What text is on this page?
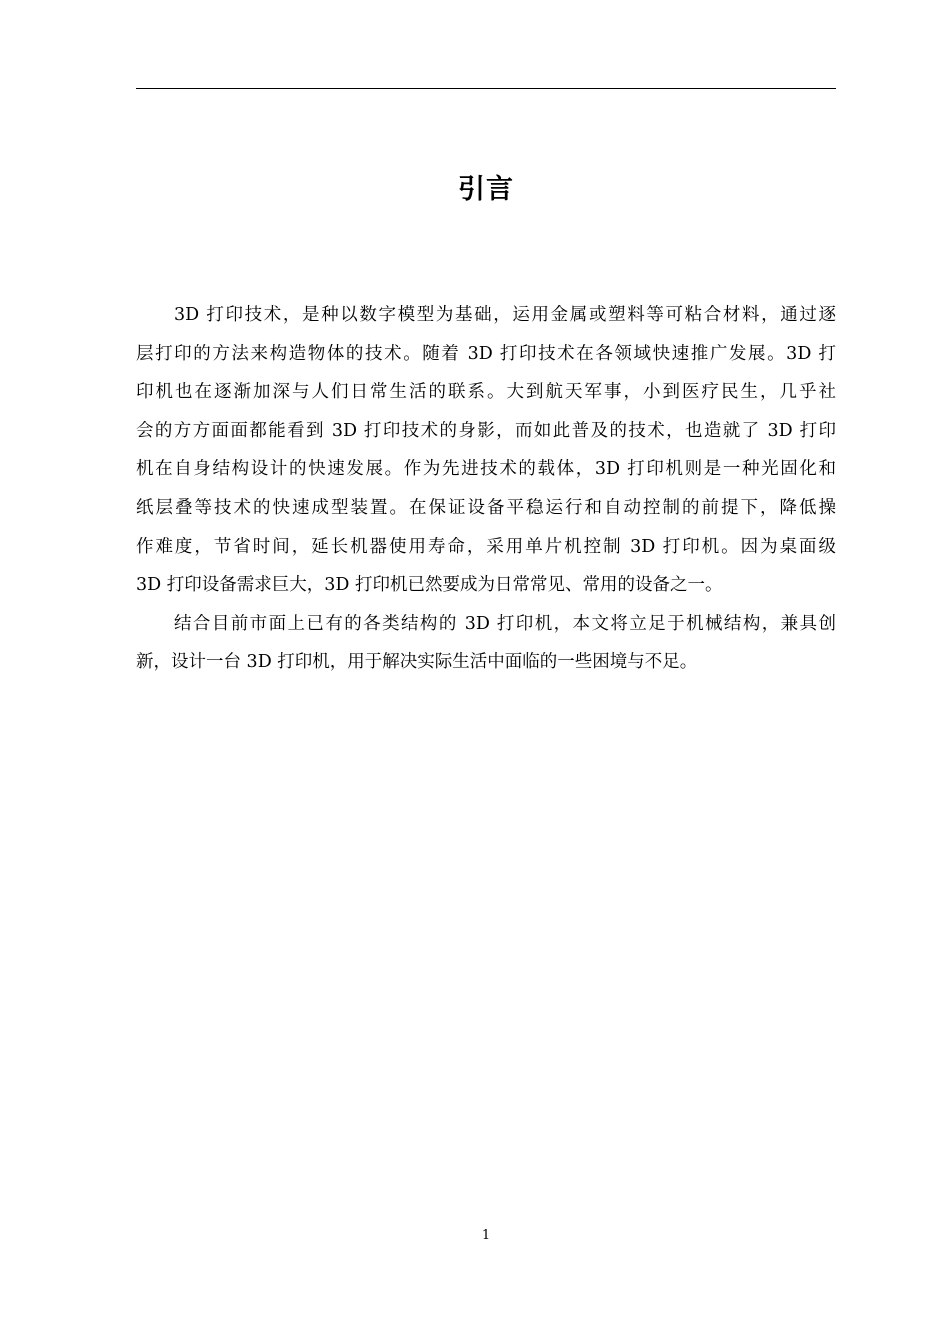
引言
3D 打印技术，是种以数字模型为基础，运用金属或塑料等可粘合材料，通过逐
层打印的方法来构造物体的技术。随着 3D 打印技术在各领域快速推广发展。3D 打
印机也在逐渐加深与人们日常生活的联系。大到航天军事，小到医疗民生，几乎社
会的方方面面都能看到 3D 打印技术的身影，而如此普及的技术，也造就了 3D 打印
机在自身结构设计的快速发展。作为先进技术的载体，3D 打印机则是一种光固化和
纸层叠等技术的快速成型装置。在保证设备平稳运行和自动控制的前提下，降低操
作难度，节省时间，延长机器使用寿命，采用单片机控制 3D 打印机。因为桌面级
3D 打印设备需求巨大，3D 打印机已然要成为日常常见、常用的设备之一。
结合目前市面上已有的各类结构的 3D 打印机，本文将立足于机械结构，兼具创
新，设计一台 3D 打印机，用于解决实际生活中面临的一些困境与不足。
1
